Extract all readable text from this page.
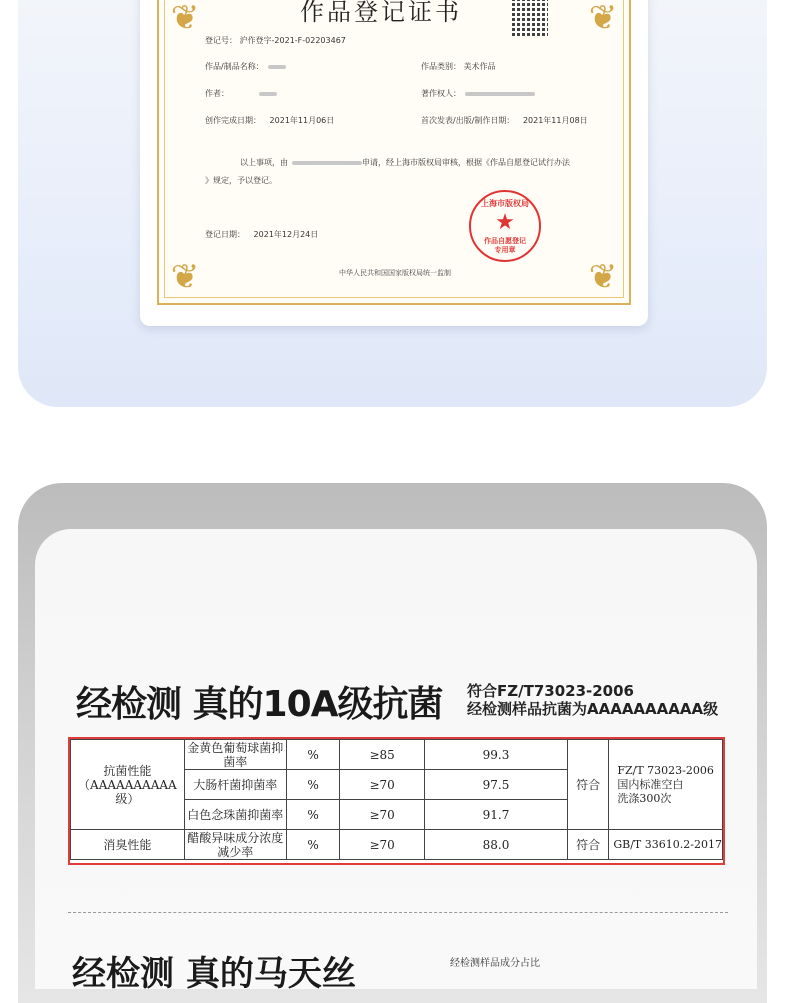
❦	❦
❦	❦
作品登记证书
登记号： 沪作登字-2021-F-02203467
作品/制品名称：	作品类别： 美术作品
作者：	著作权人：
创作完成日期： 2021年11月06日	首次发表/出版/制作日期： 2021年11月08日
以上事项，由	申请，经上海市版权局审核，根据《作品自愿登记试行办法
》规定，予以登记。
登记日期： 2021年12月24日
上海市版权局
★
作品自愿登记
专用章
中华人民共和国国家版权局统一监制
经检测 真的10A级抗菌 符合FZ/T73023-2006
经检测样品抗菌为AAAAAAAAAA级
抗菌性能
（AAAAAAAAAA级）	金黄色葡萄球菌抑菌率	%	≥85	99.3	符合	FZ/T 73023-2006
国内标准空白
洗涤300次
	大肠杆菌抑菌率	%	≥70	97.5		
	白色念珠菌抑菌率	%	≥70	91.7		
消臭性能	醋酸异味成分浓度减少率	%	≥70	88.0	符合	GB/T 33610.2-2017
经检测 真的马天丝	经检测样品成分占比
